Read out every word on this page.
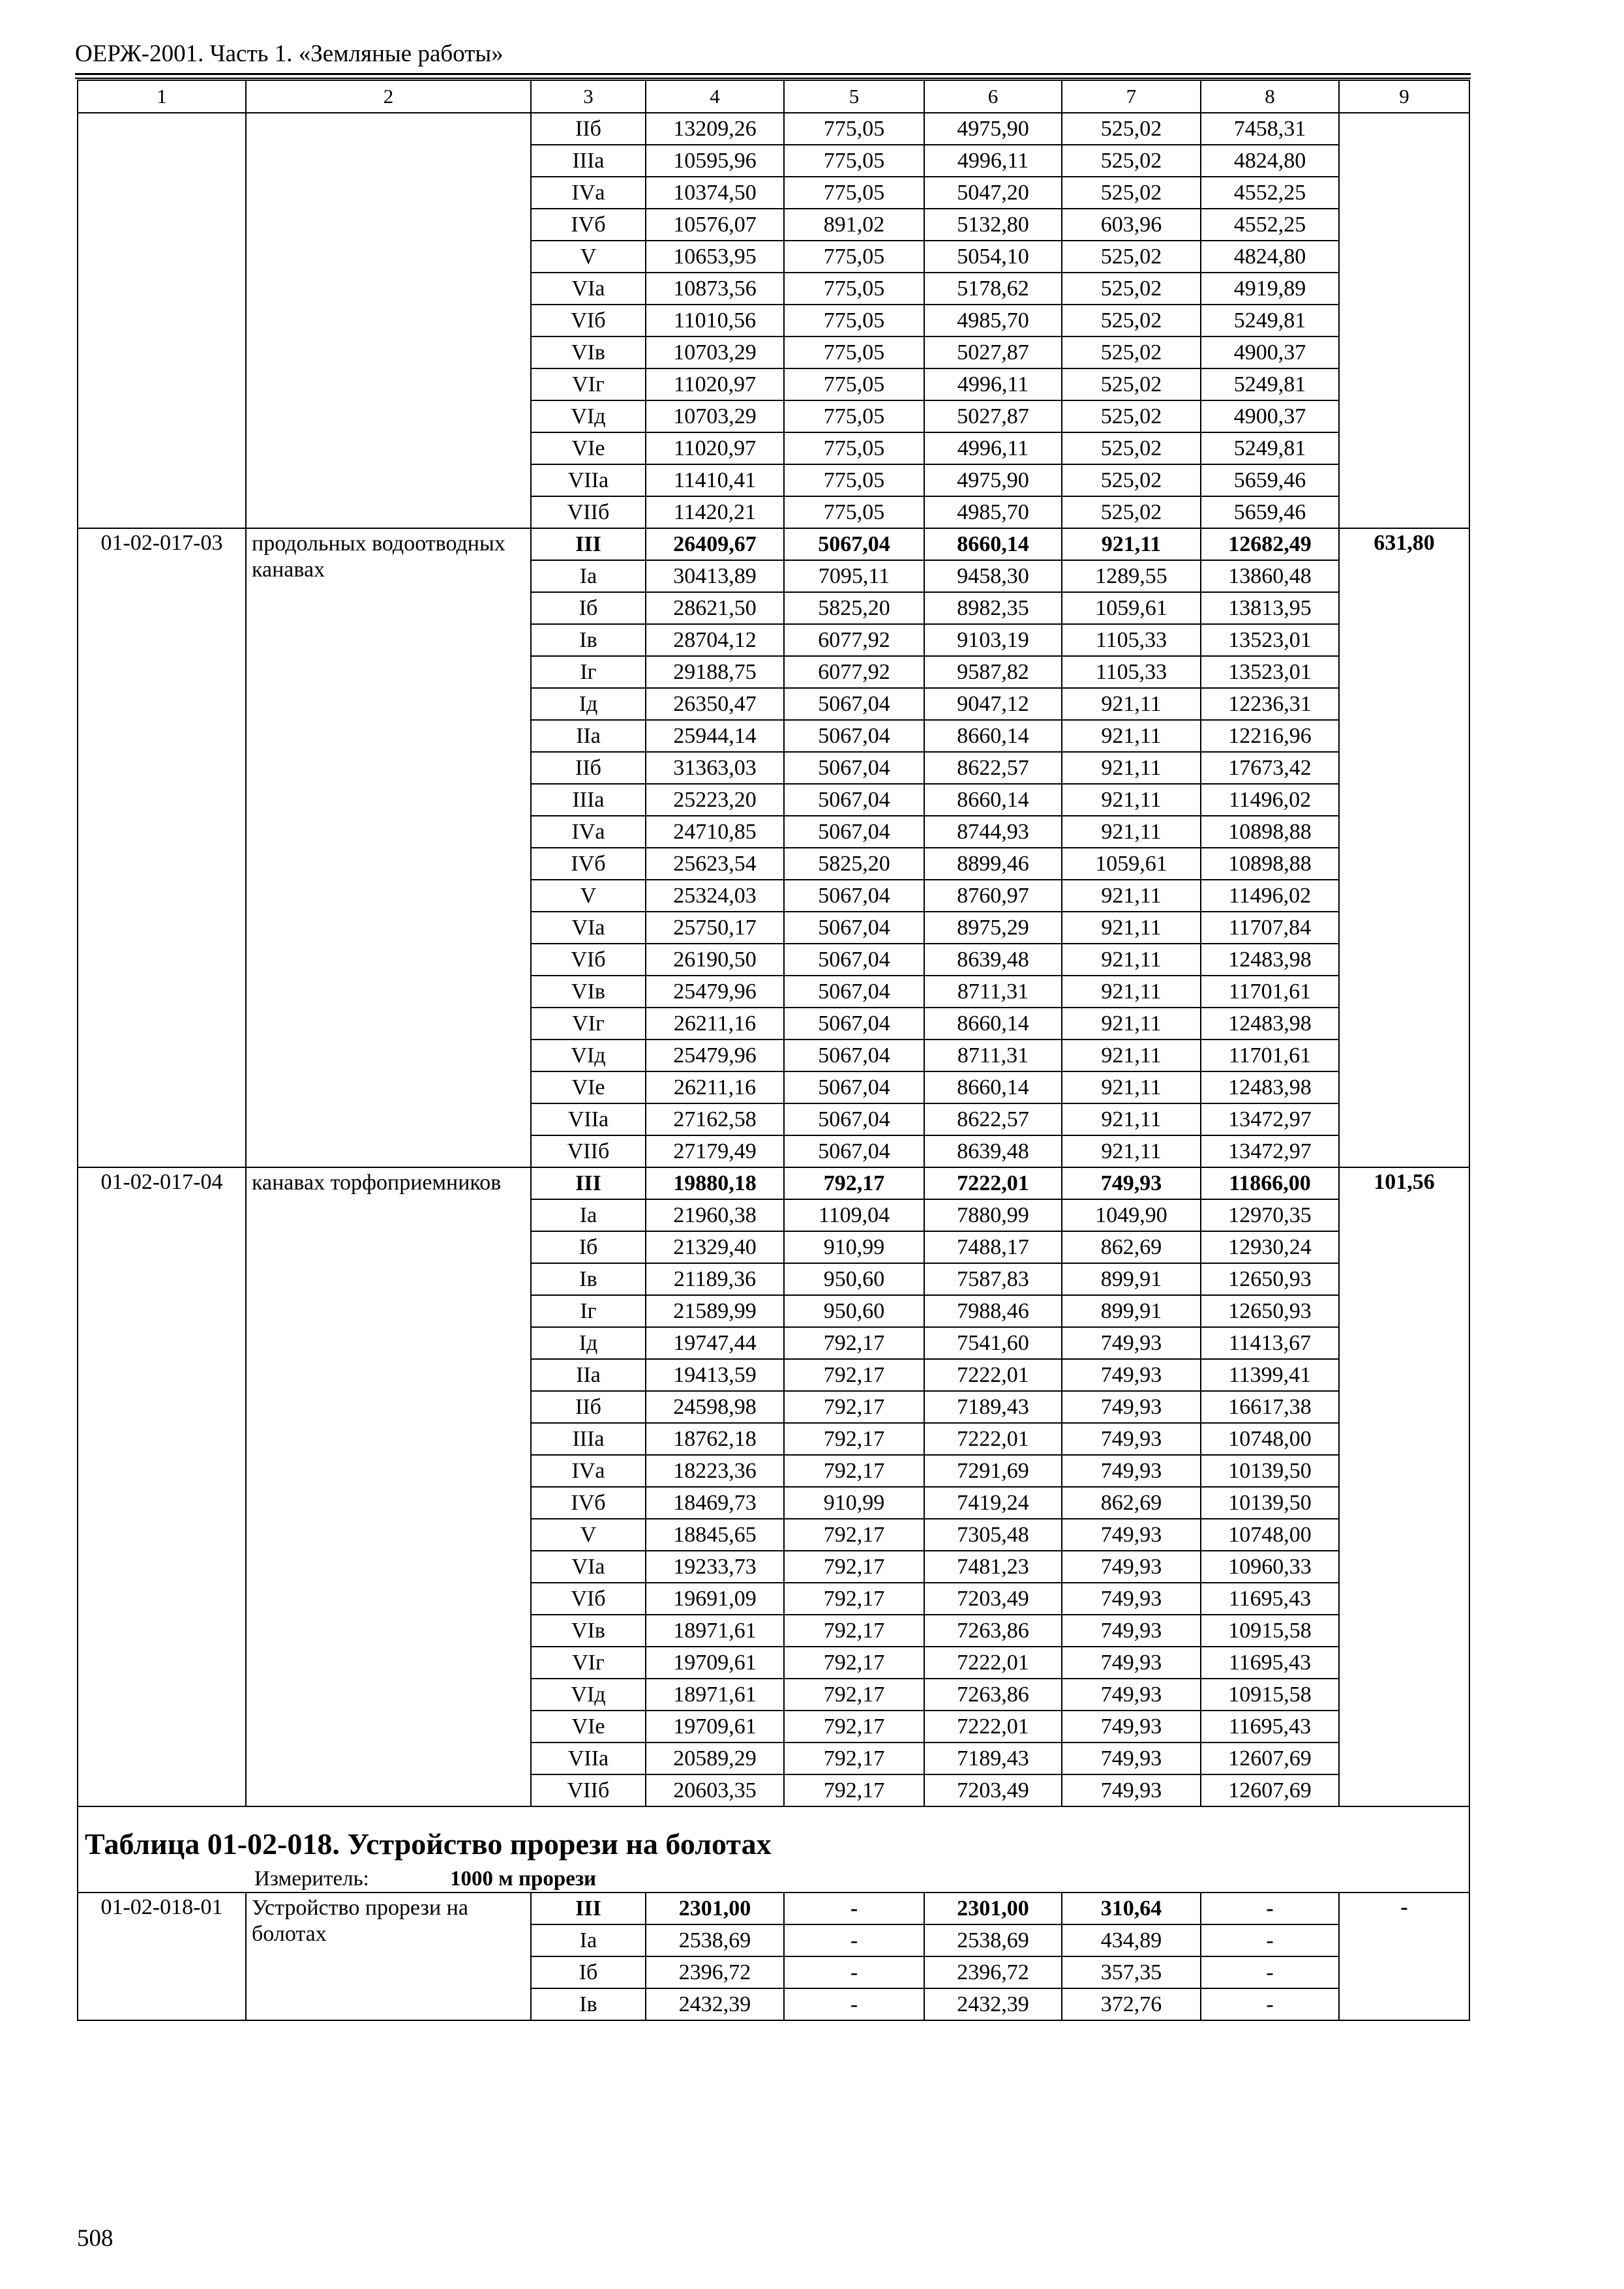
ОЕРЖ-2001. Часть 1. «Земляные работы»
1	2	3	4	5	6	7	8	9
		IIб	13209,26	775,05	4975,90	525,02	7458,31	
		IIIа	10595,96	775,05	4996,11	525,02	4824,80	
		IVа	10374,50	775,05	5047,20	525,02	4552,25	
		IVб	10576,07	891,02	5132,80	603,96	4552,25	
		V	10653,95	775,05	5054,10	525,02	4824,80	
		VIа	10873,56	775,05	5178,62	525,02	4919,89	
		VIб	11010,56	775,05	4985,70	525,02	5249,81	
		VIв	10703,29	775,05	5027,87	525,02	4900,37	
		VIг	11020,97	775,05	4996,11	525,02	5249,81	
		VIд	10703,29	775,05	5027,87	525,02	4900,37	
		VIе	11020,97	775,05	4996,11	525,02	5249,81	
		VIIа	11410,41	775,05	4975,90	525,02	5659,46	
		VIIб	11420,21	775,05	4985,70	525,02	5659,46	
01-02-017-03	продольных водоотводных канавах	III	26409,67	5067,04	8660,14	921,11	12682,49	631,80
		Iа	30413,89	7095,11	9458,30	1289,55	13860,48	
		Iб	28621,50	5825,20	8982,35	1059,61	13813,95	
		Iв	28704,12	6077,92	9103,19	1105,33	13523,01	
		Iг	29188,75	6077,92	9587,82	1105,33	13523,01	
		Iд	26350,47	5067,04	9047,12	921,11	12236,31	
		IIа	25944,14	5067,04	8660,14	921,11	12216,96	
		IIб	31363,03	5067,04	8622,57	921,11	17673,42	
		IIIа	25223,20	5067,04	8660,14	921,11	11496,02	
		IVа	24710,85	5067,04	8744,93	921,11	10898,88	
		IVб	25623,54	5825,20	8899,46	1059,61	10898,88	
		V	25324,03	5067,04	8760,97	921,11	11496,02	
		VIа	25750,17	5067,04	8975,29	921,11	11707,84	
		VIб	26190,50	5067,04	8639,48	921,11	12483,98	
		VIв	25479,96	5067,04	8711,31	921,11	11701,61	
		VIг	26211,16	5067,04	8660,14	921,11	12483,98	
		VIд	25479,96	5067,04	8711,31	921,11	11701,61	
		VIе	26211,16	5067,04	8660,14	921,11	12483,98	
		VIIа	27162,58	5067,04	8622,57	921,11	13472,97	
		VIIб	27179,49	5067,04	8639,48	921,11	13472,97	
01-02-017-04	канавах торфоприемников	III	19880,18	792,17	7222,01	749,93	11866,00	101,56
		Iа	21960,38	1109,04	7880,99	1049,90	12970,35	
		Iб	21329,40	910,99	7488,17	862,69	12930,24	
		Iв	21189,36	950,60	7587,83	899,91	12650,93	
		Iг	21589,99	950,60	7988,46	899,91	12650,93	
		Iд	19747,44	792,17	7541,60	749,93	11413,67	
		IIа	19413,59	792,17	7222,01	749,93	11399,41	
		IIб	24598,98	792,17	7189,43	749,93	16617,38	
		IIIа	18762,18	792,17	7222,01	749,93	10748,00	
		IVа	18223,36	792,17	7291,69	749,93	10139,50	
		IVб	18469,73	910,99	7419,24	862,69	10139,50	
		V	18845,65	792,17	7305,48	749,93	10748,00	
		VIа	19233,73	792,17	7481,23	749,93	10960,33	
		VIб	19691,09	792,17	7203,49	749,93	11695,43	
		VIв	18971,61	792,17	7263,86	749,93	10915,58	
		VIг	19709,61	792,17	7222,01	749,93	11695,43	
		VIд	18971,61	792,17	7263,86	749,93	10915,58	
		VIе	19709,61	792,17	7222,01	749,93	11695,43	
		VIIа	20589,29	792,17	7189,43	749,93	12607,69	
		VIIб	20603,35	792,17	7203,49	749,93	12607,69	
Таблица 01-02-018. Устройство прорези на болотах								
Измеритель: 1000 м прорези								
01-02-018-01	Устройство прорези на болотах	III	2301,00	-	2301,00	310,64	-	-
		Iа	2538,69	-	2538,69	434,89	-	
		Iб	2396,72	-	2396,72	357,35	-	
		Iв	2432,39	-	2432,39	372,76	-	
508
